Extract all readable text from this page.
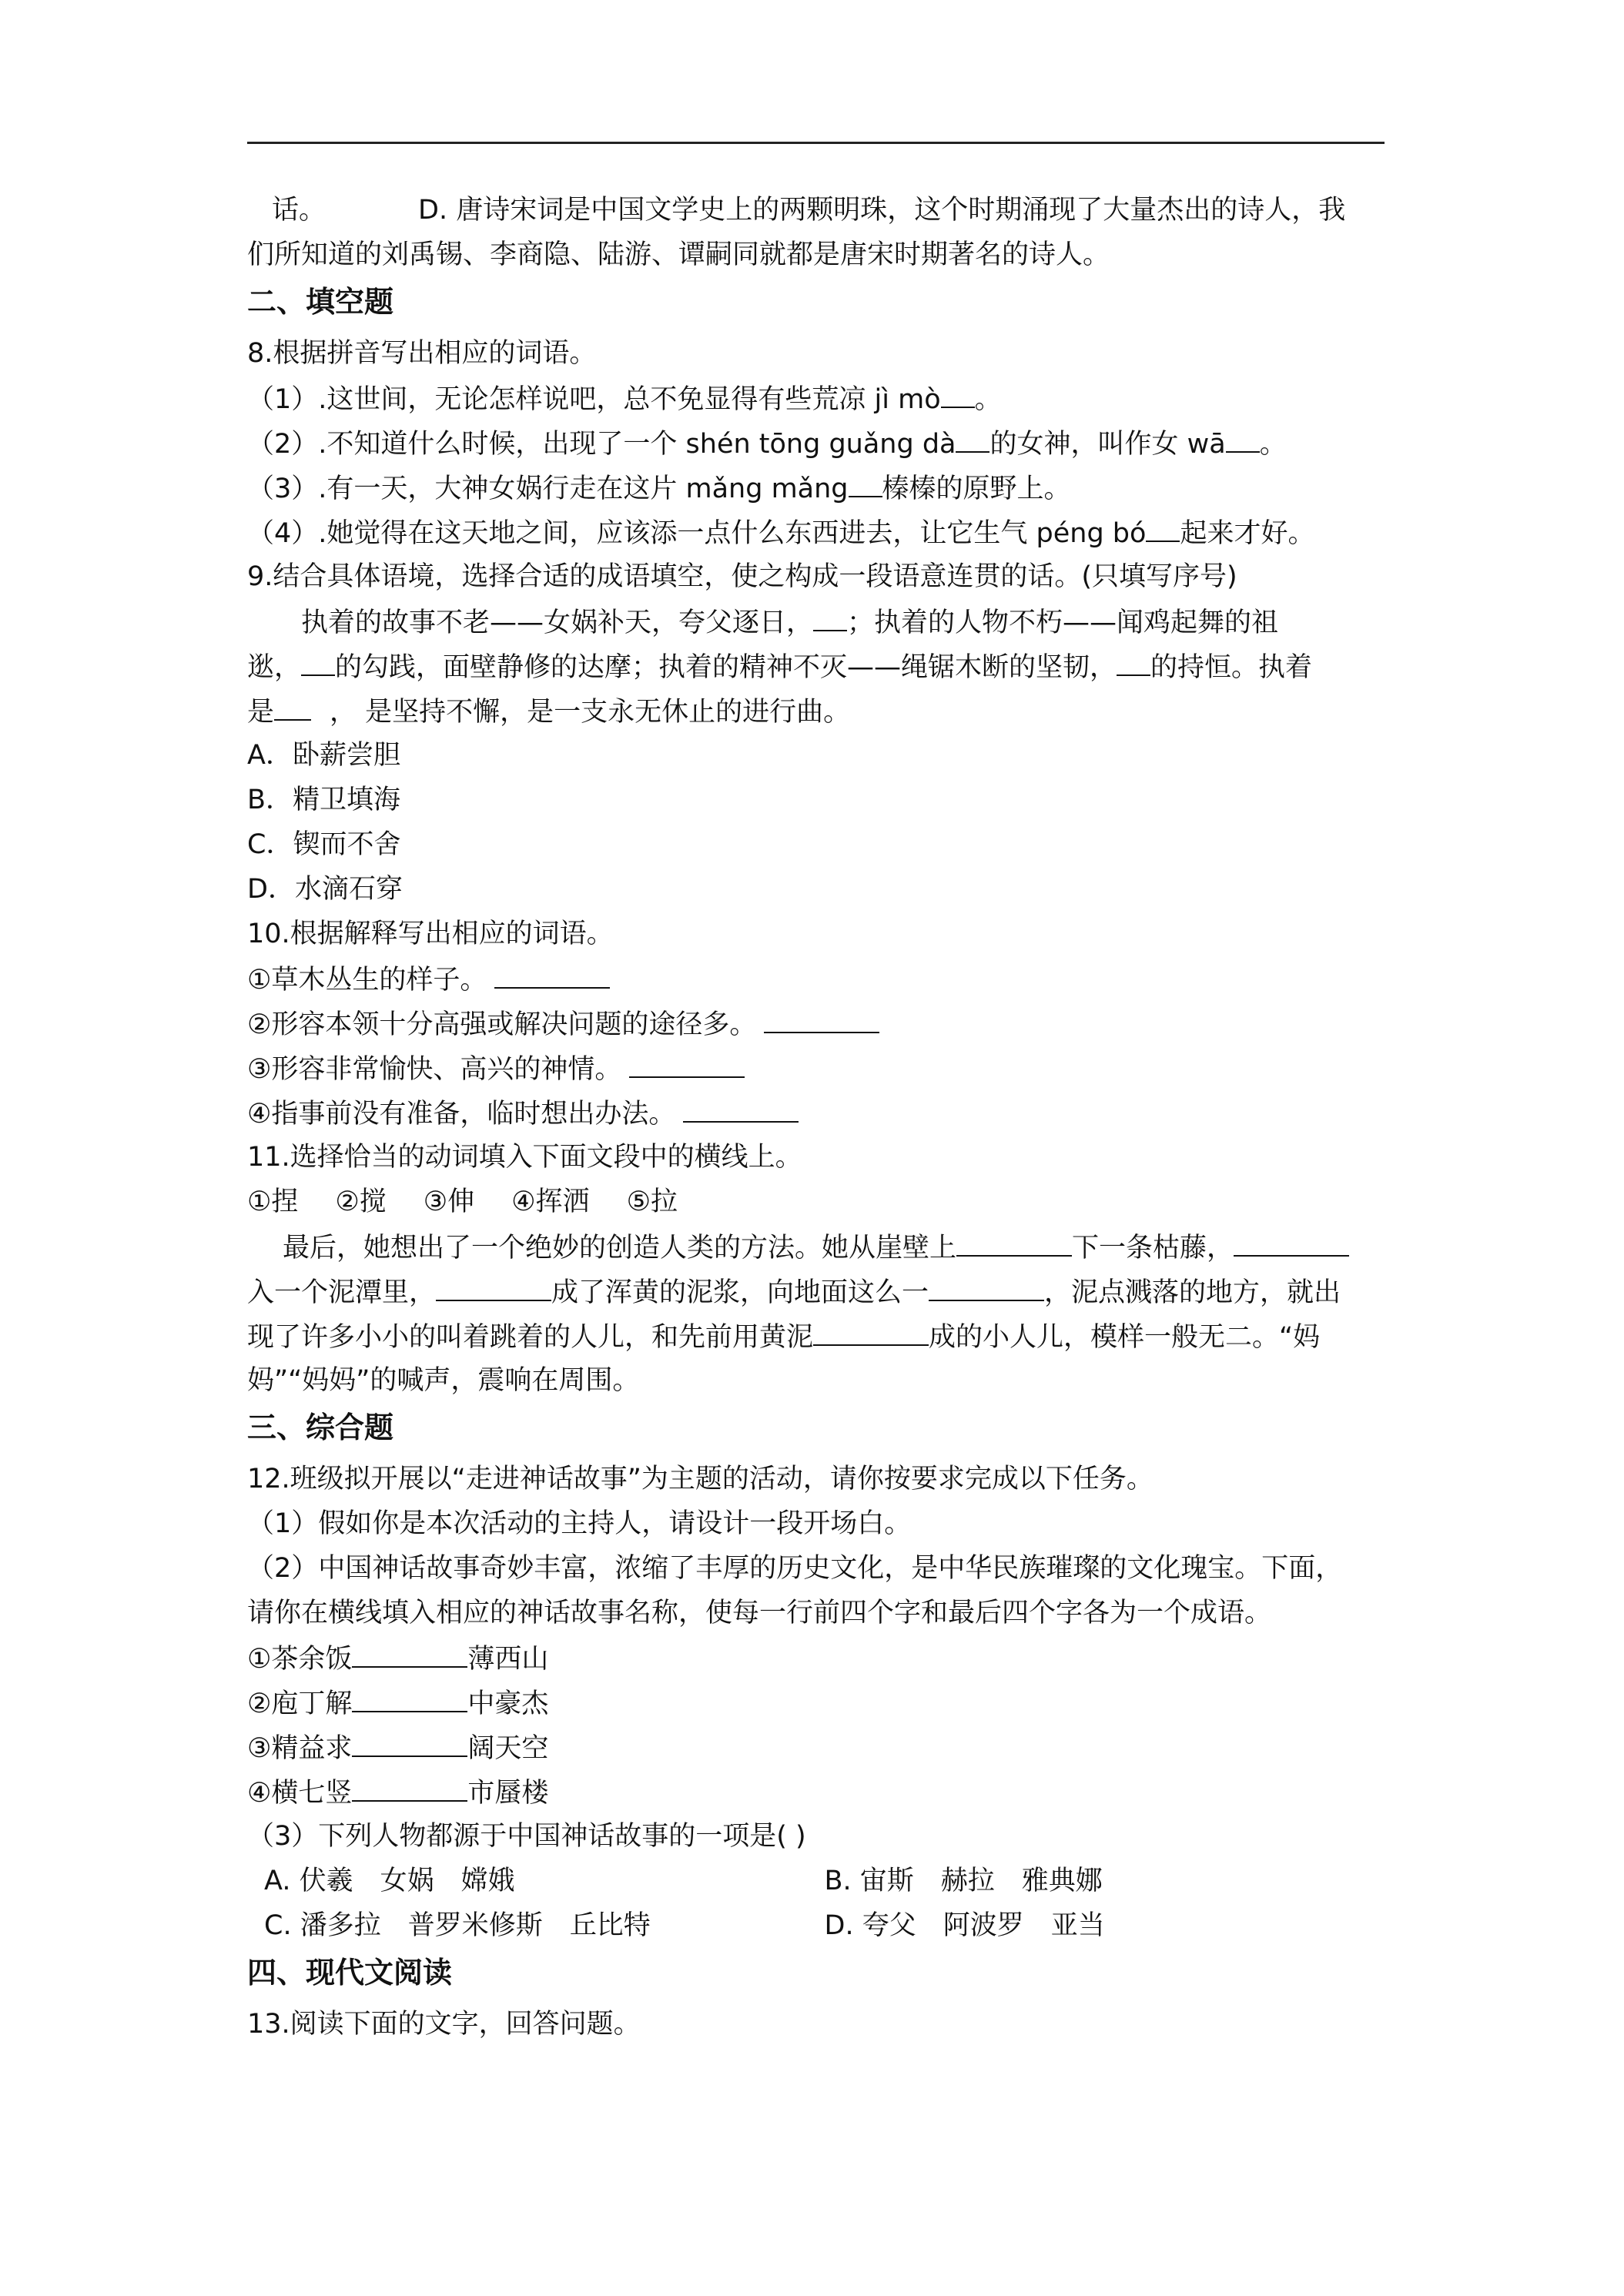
话。	D. 唐诗宋词是中国文学史上的两颗明珠，这个时期涌现了大量杰出的诗人，我
们所知道的刘禹锡、李商隐、陆游、谭嗣同就都是唐宋时期著名的诗人。
二、填空题
8.根据拼音写出相应的词语。
（1）.这世间，无论怎样说吧，总不免显得有些荒凉 jì mò 。
（2）.不知道什么时候，出现了一个 shén tōng guǎng dà 的女神，叫作女 wā 。
（3）.有一天，大神女娲行走在这片 mǎng mǎng 榛榛的原野上。
（4）.她觉得在这天地之间，应该添一点什么东西进去，让它生气 péng bó 起来才好。
9.结合具体语境，选择合适的成语填空，使之构成一段语意连贯的话。(只填写序号)
执着的故事不老——女娲补天，夸父逐日， ；执着的人物不朽——闻鸡起舞的祖
逖， 的勾践，面壁静修的达摩；执着的精神不灭——绳锯木断的坚韧， 的持恒。执着
是 ， 是坚持不懈，是一支永无休止的进行曲。
A．卧薪尝胆
B．精卫填海
C．锲而不舍
D．水滴石穿
10.根据解释写出相应的词语。
①草木丛生的样子。
②形容本领十分高强或解决问题的途径多。
③形容非常愉快、高兴的神情。
④指事前没有准备，临时想出办法。
11.选择恰当的动词填入下面文段中的横线上。
①捏 ②搅 ③伸 ④挥洒 ⑤拉
最后，她想出了一个绝妙的创造人类的方法。她从崖壁上	下一条枯藤，
入一个泥潭里，	成了浑黄的泥浆，向地面这么一	，泥点溅落的地方，就出
现了许多小小的叫着跳着的人儿，和先前用黄泥	成的小人儿，模样一般无二。“妈
妈”“妈妈”的喊声，震响在周围。
三、综合题
12.班级拟开展以“走进神话故事”为主题的活动，请你按要求完成以下任务。
（1）假如你是本次活动的主持人，请设计一段开场白。
（2）中国神话故事奇妙丰富，浓缩了丰厚的历史文化，是中华民族璀璨的文化瑰宝。下面，
请你在横线填入相应的神话故事名称，使每一行前四个字和最后四个字各为一个成语。
①茶余饭	薄西山
②庖丁解	中豪杰
③精益求	阔天空
④横七竖	市蜃楼
（3）下列人物都源于中国神话故事的一项是( )
A. 伏羲　女娲　嫦娥	B. 宙斯　赫拉　雅典娜
C. 潘多拉　普罗米修斯　丘比特	D. 夸父　阿波罗　亚当
四、现代文阅读
13.阅读下面的文字，回答问题。
